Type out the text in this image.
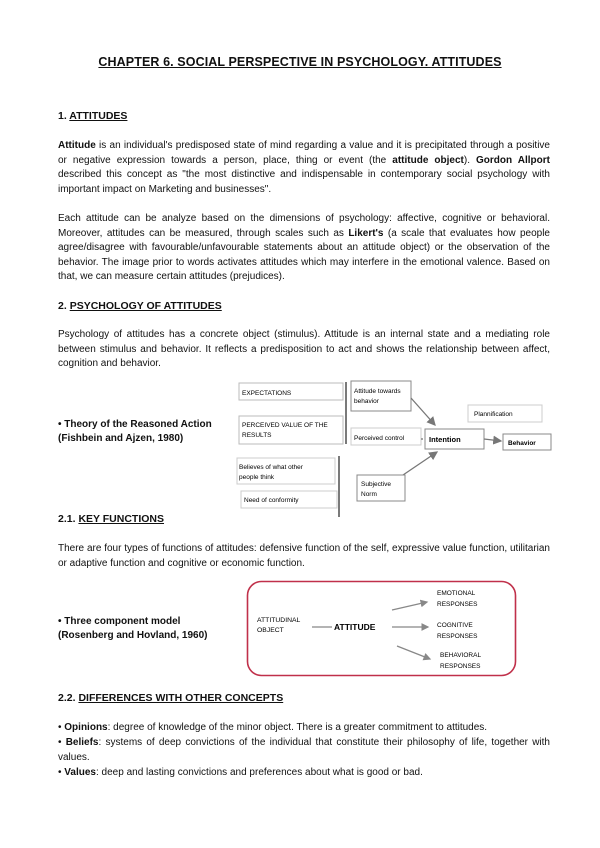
CHAPTER 6. SOCIAL PERSPECTIVE IN PSYCHOLOGY. ATTITUDES
1. ATTITUDES

Attitude is an individual's predisposed state of mind regarding a value and it is precipitated through a positive or negative expression towards a person, place, thing or event (the attitude object). Gordon Allport described this concept as "the most distinctive and indispensable in contemporary social psychology with important impact on Marketing and businesses".

Each attitude can be analyze based on the dimensions of psychology: affective, cognitive or behavioral. Moreover, attitudes can be measured, through scales such as Likert's (a scale that evaluates how people agree/disagree with favourable/unfavourable statements about an attitude object) or the observation of the behavior. The image prior to words activates attitudes which may interfere in the emotional valence. Based on that, we can measure certain attitudes (prejudices).

2. PSYCHOLOGY OF ATTITUDES

Psychology of attitudes has a concrete object (stimulus). Attitude is an internal state and a mediating role between stimulus and behavior. It reflects a predisposition to act and shows the relationship between affect, cognition and behavior.

• Theory of the Reasoned Action
(Fishbein and Ajzen, 1980)
EXPECTATIONS
PERCEIVED VALUE OF THE
RESULTS
Attitude towards
behavior
Perceived control
Plannification
Intention	Behavior
Believes of what other
people think
Need of conformity
Subjective
Norm
2.1. KEY FUNCTIONS

There are four types of functions of attitudes: defensive function of the self, expressive value function, utilitarian or adaptive function and cognitive or economic function.

• Three component model
(Rosenberg and Hovland, 1960)
ATTITUDINAL
OBJECT	ATTITUDE
EMOTIONAL
RESPONSES
COGNITIVE
RESPONSES
BEHAVIORAL
RESPONSES
2.2. DIFFERENCES WITH OTHER CONCEPTS

• Opinions: degree of knowledge of the minor object. There is a greater commitment to attitudes.

• Beliefs: systems of deep convictions of the individual that constitute their philosophy of life, together with values.

• Values: deep and lasting convictions and preferences about what is good or bad.
